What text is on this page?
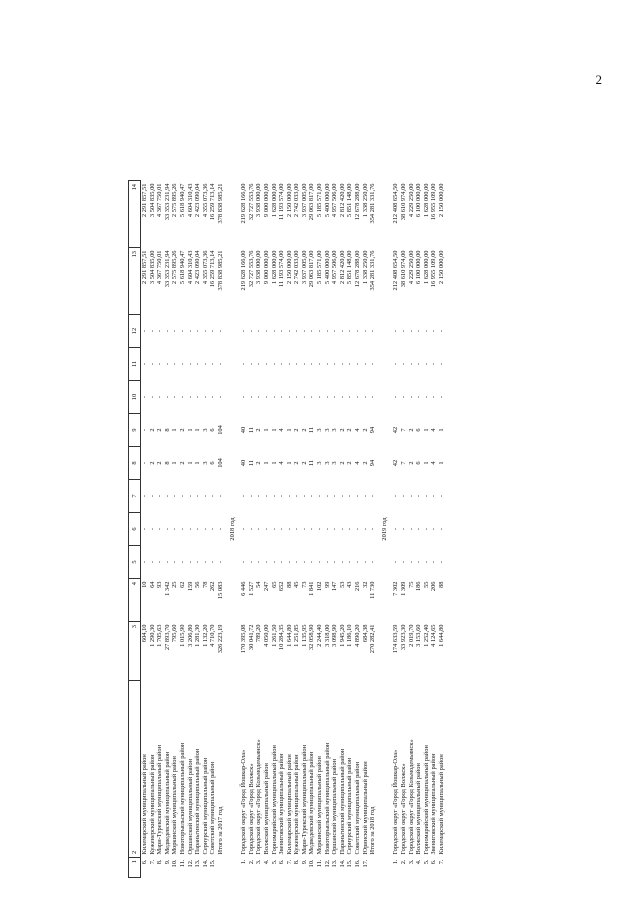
2
1	2	3	4	5	6	7	8	9	10	11	12	13	14
6.	Килемарский муниципальный район	604,10	10	-	-	-	-	-	-	-	-	2 291 857,51	2 291 857,51
7.	Куженерский муниципальный район	1 290,30	64	-	-	-	2	2	-	-	-	3 504 835,00	3 504 835,00
8.	Мари-Турекский муниципальный район	1 705,63	93	-	-	-	2	2	-	-	-	4 367 750,01	4 367 750,01
9.	Медведевский муниципальный район	27 893,70	1 342	-	-	-	8	8	-	-	-	33 353 231,94	33 353 231,94
10.	Моркинский муниципальный район	795,60	25	-	-	-	1	1	-	-	-	2 575 895,26	2 575 895,26
11.	Новоторъяльский муниципальный район	1 015,90	62	-	-	-	2	2	-	-	-	5 618 940,47	5 618 940,47
12.	Оршанский муниципальный район	3 206,80	159	-	-	-	1	1	-	-	-	4 604 310,43	4 604 310,43
13.	Параньгинский муниципальный район	1 281,30	56	-	-	-	1	1	-	-	-	2 423 090,04	2 423 090,04
14.	Сернурский муниципальный район	1 132,20	78	-	-	-	3	3	-	-	-	4 355 073,36	4 355 073,36
15.	Советский муниципальный район	4 710,70	262	-	-	-	6	6	-	-	-	16 259 713,14	16 259 713,14
	Итого за 2017 год	326 223,19	15 083	-	-	-	104	104	-	-	-	378 838 985,21	378 838 985,21
2018 год													
1.	Городской округ «Город Йошкар-Ола»	170 395,08	6 446	-	-	-	40	40	-	-	-	219 628 166,00	219 628 166,00
2.	Городской округ «Город Волжск»	30 041,72	1 527	-	-	-	11	11	-	-	-	32 727 553,76	32 727 553,76
3.	Городской округ «Город Козьмодемьянск»	789,20	54	-	-	-	2	2	-	-	-	3 938 000,00	3 938 000,00
4.	Волжский муниципальный район	4 050,00	247	-	-	-	1	1	-	-	-	9 000 000,00	9 000 000,00
5.	Горномарийский муниципальный район	1 261,50	65	-	-	-	1	1	-	-	-	1 628 000,00	1 628 000,00
6.	Звениговский муниципальный район	10 284,35	652	-	-	-	4	4	-	-	-	11 193 574,00	11 193 574,00
7.	Килемарский муниципальный район	1 644,80	88	-	-	-	1	1	-	-	-	2 150 000,00	2 150 000,00
8.	Куженерский муниципальный район	1 251,85	45	-	-	-	2	2	-	-	-	2 742 033,00	2 742 033,00
9.	Мари-Турекский муниципальный район	1 135,95	73	-	-	-	2	2	-	-	-	3 937 005,00	3 937 005,00
10.	Медведевский муниципальный район	32 058,90	1 841	-	-	-	11	11	-	-	-	29 063 817,00	29 063 817,00
11.	Моркинский муниципальный район	2 244,40	102	-	-	-	3	3	-	-	-	5 185 571,00	5 185 571,00
12.	Новоторъяльский муниципальный район	3 318,00	99	-	-	-	3	3	-	-	-	5 400 000,00	5 400 000,00
13.	Оршанский муниципальный район	3 098,90	147	-	-	-	3	3	-	-	-	4 957 506,00	4 957 506,00
14.	Параньгинский муниципальный район	1 945,20	53	-	-	-	2	2	-	-	-	2 812 420,00	2 812 420,00
15.	Сернурский муниципальный район	1 186,10	43	-	-	-	2	2	-	-	-	5 851 148,00	5 851 148,00
16.	Советский муниципальный район	4 890,20	216	-	-	-	4	4	-	-	-	12 678 288,00	12 678 288,00
17.	Юринский муниципальный район	684,38	32	-	-	-	2	2	-	-	-	1 338 250,00	1 338 250,00
	Итого за 2018 год	270 282,41	11 730	-	-	-	94	94	-	-	-	354 281 331,76	354 281 331,76
2019 год													
1.	Городской округ «Город Йошкар-Ола»	174 633,59	7 302	-	-	-	42	42	-	-	-	212 408 654,50	212 408 654,50
2.	Городской округ «Город Волжск»	33 923,30	1 309	-	-	-	7	7	-	-	-	38 610 974,00	38 610 974,00
3.	Городской округ «Город Козьмодемьянск»	2 019,70	75	-	-	-	2	2	-	-	-	4 229 250,00	4 229 250,00
4.	Волжский муниципальный район	3 153,60	186	-	-	-	6	6	-	-	-	6 100 000,00	6 100 000,00
5.	Горномарийский муниципальный район	1 252,40	55	-	-	-	1	1	-	-	-	1 628 000,00	1 628 000,00
6.	Звениговский муниципальный район	4 124,65	206	-	-	-	4	4	-	-	-	16 955 109,00	16 955 109,00
7.	Килемарский муниципальный район	1 644,80	88	-	-	-	1	1	-	-	-	2 150 000,00	2 150 000,00
